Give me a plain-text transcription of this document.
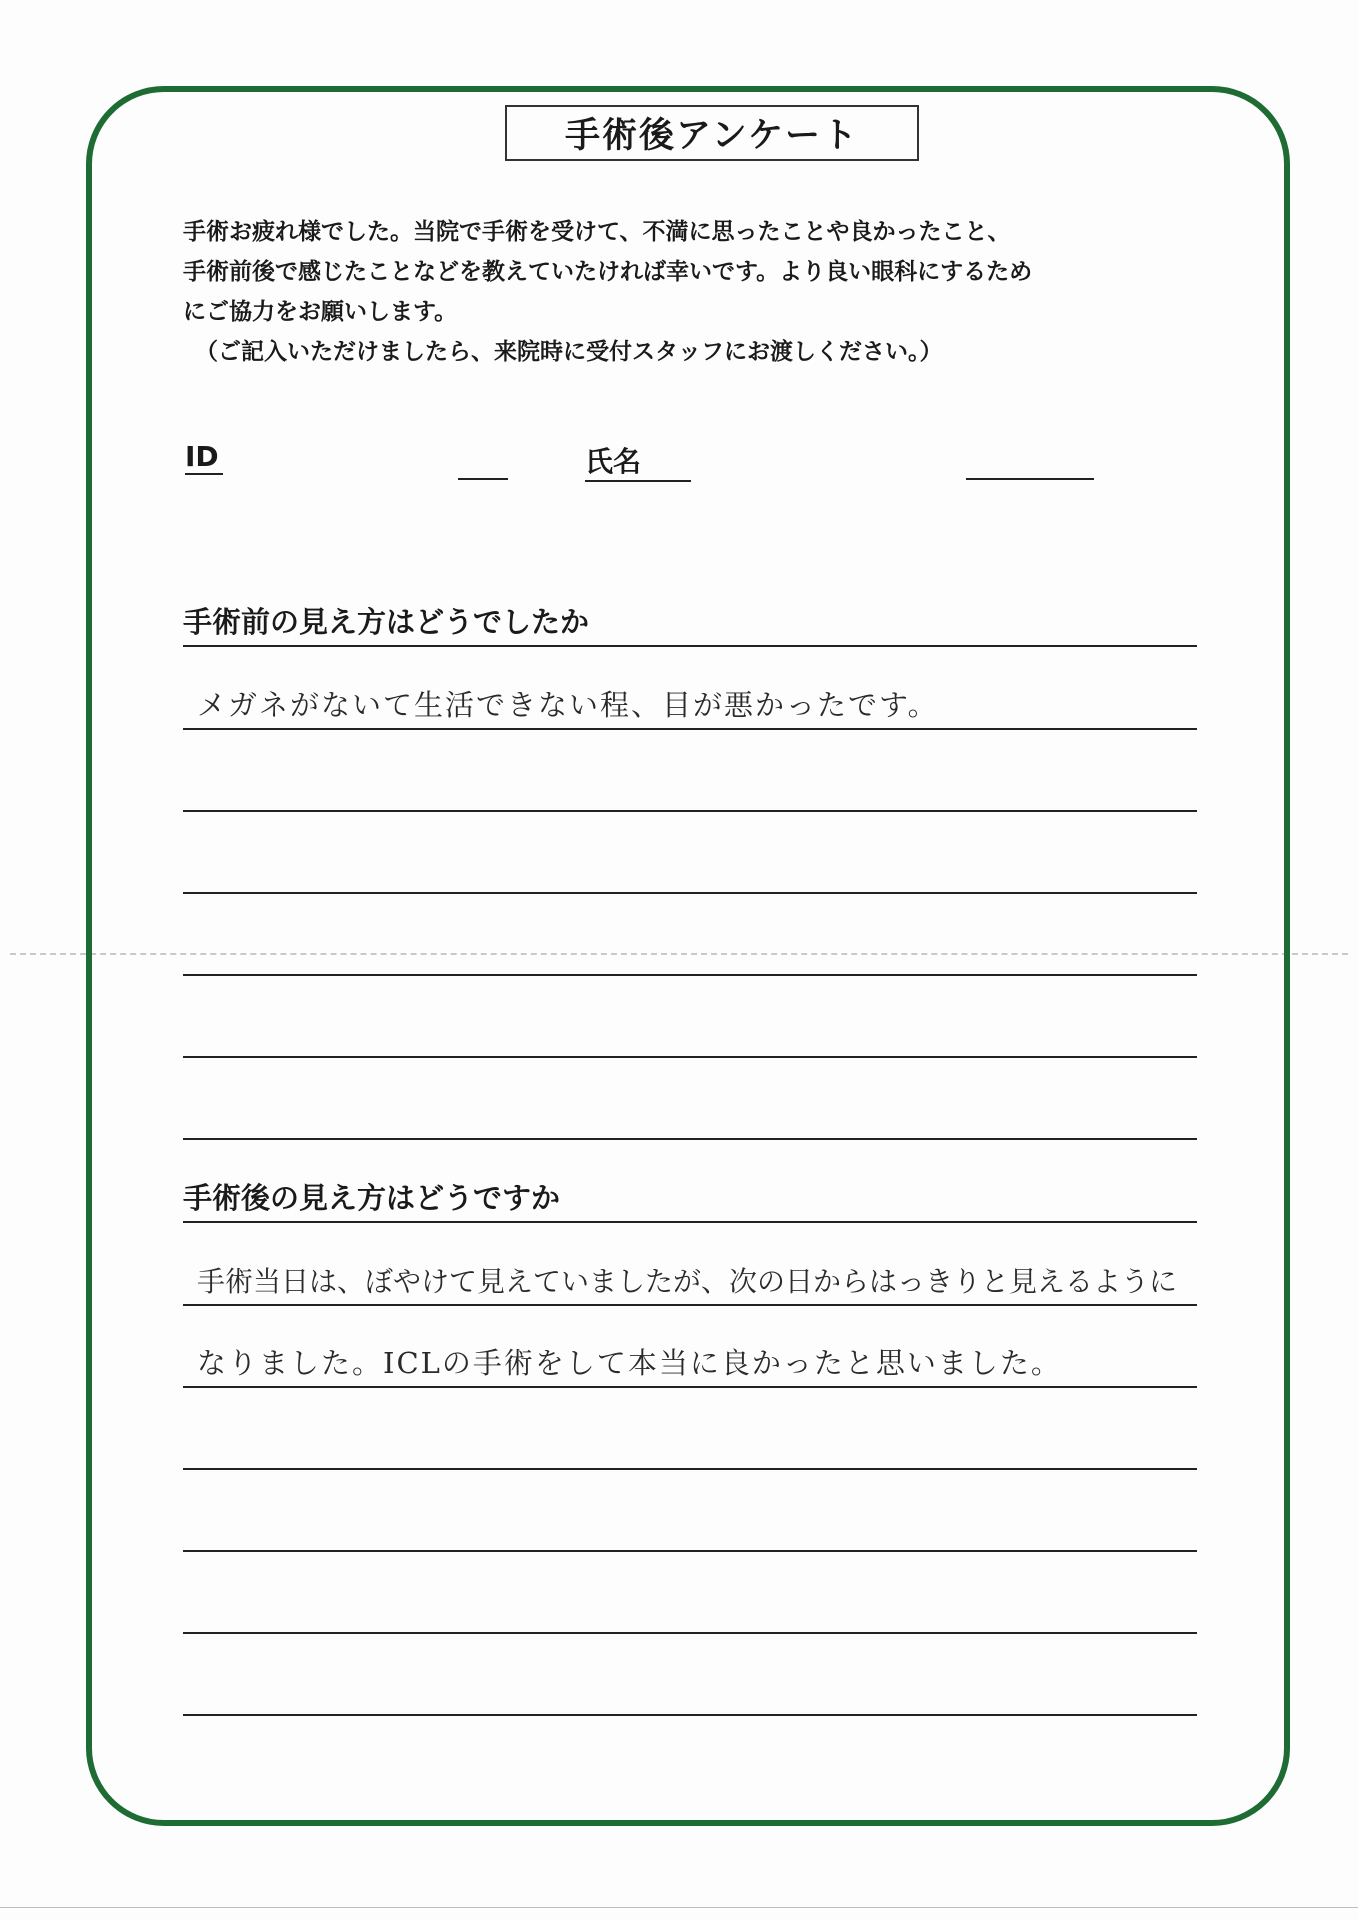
手術後アンケート

手術お疲れ様でした。当院で手術を受けて、不満に思ったことや良かったこと、

手術前後で感じたことなどを教えていたければ幸いです。より良い眼科にするため

にご協力をお願いします。

（ご記入いただけましたら、来院時に受付スタッフにお渡しください。）

ID	氏名
手術前の見え方はどうでしたか
メガネがないて生活できない程、目が悪かったです。
手術後の見え方はどうですか
手術当日は、ぼやけて見えていましたが、次の日からはっきりと見えるように
なりました。ICLの手術をして本当に良かったと思いました。
